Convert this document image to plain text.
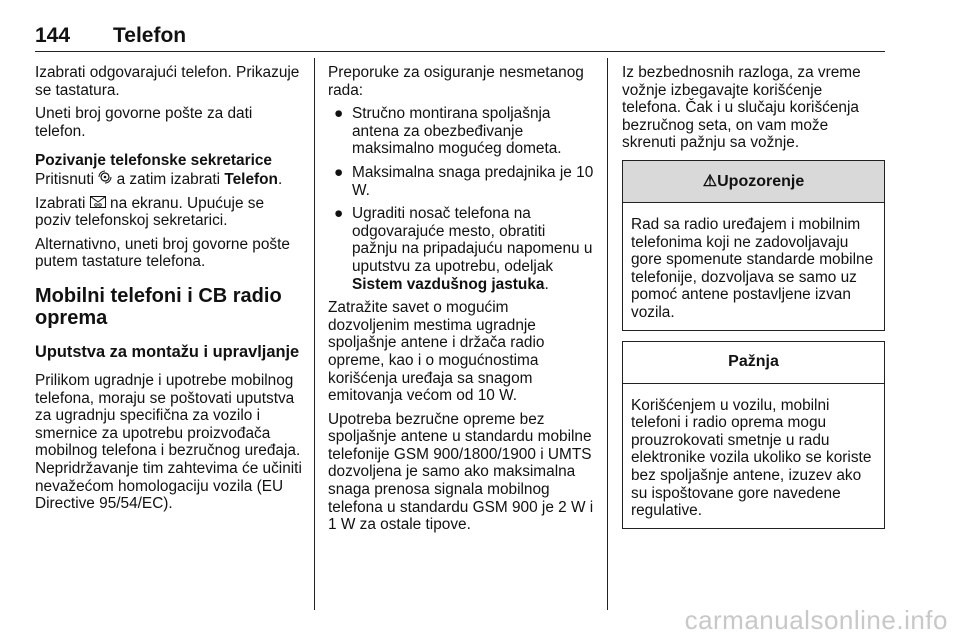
144 Telefon
Izabrati odgovarajući telefon. Prikazuje se tastatura.
Uneti broj govorne pošte za dati telefon.
Pozivanje telefonske sekretarice
Pritisnuti a zatim izabrati Telefon.
Izabrati na ekranu. Upućuje se poziv telefonskoj sekretarici.
Alternativno, uneti broj govorne pošte putem tastature telefona.
Mobilni telefoni i CB radio oprema
Uputstva za montažu i upravljanje
Prilikom ugradnje i upotrebe mobilnog telefona, moraju se poštovati uputstva za ugradnju specifična za vozilo i smernice za upotrebu proizvođača mobilnog telefona i bezručnog uređaja. Nepridržavanje tim zahtevima će učiniti nevažećom homologaciju vozila (EU Directive 95/54/EC).
Preporuke za osiguranje nesmetanog rada:
● Stručno montirana spoljašnja antena za obezbeđivanje maksimalno mogućeg dometa.
● Maksimalna snaga predajnika je 10 W.
● Ugraditi nosač telefona na odgovarajuće mesto, obratiti pažnju na pripadajuću napomenu u uputstvu za upotrebu, odeljak Sistem vazdušnog jastuka.
Zatražite savet o mogućim dozvoljenim mestima ugradnje spoljašnje antene i držača radio opreme, kao i o mogućnostima korišćenja uređaja sa snagom emitovanja većom od 10 W.
Upotreba bezručne opreme bez spoljašnje antene u standardu mobilne telefonije GSM 900/1800/1900 i UMTS dozvoljena je samo ako maksimalna snaga prenosa signala mobilnog telefona u standardu GSM 900 je 2 W i 1 W za ostale tipove.
Iz bezbednosnih razloga, za vreme vožnje izbegavajte korišćenje telefona. Čak i u slučaju korišćenja bezručnog seta, on vam može skrenuti pažnju sa vožnje.
⚠ Upozorenje
Rad sa radio uređajem i mobilnim telefonima koji ne zadovoljavaju gore spomenute standarde mobilne telefonije, dozvoljava se samo uz pomoć antene postavljene izvan vozila.
Pažnja
Korišćenjem u vozilu, mobilni telefoni i radio oprema mogu prouzrokovati smetnje u radu elektronike vozila ukoliko se koriste bez spoljašnje antene, izuzev ako su ispoštovane gore navedene regulative.
carmanualsonline.info
